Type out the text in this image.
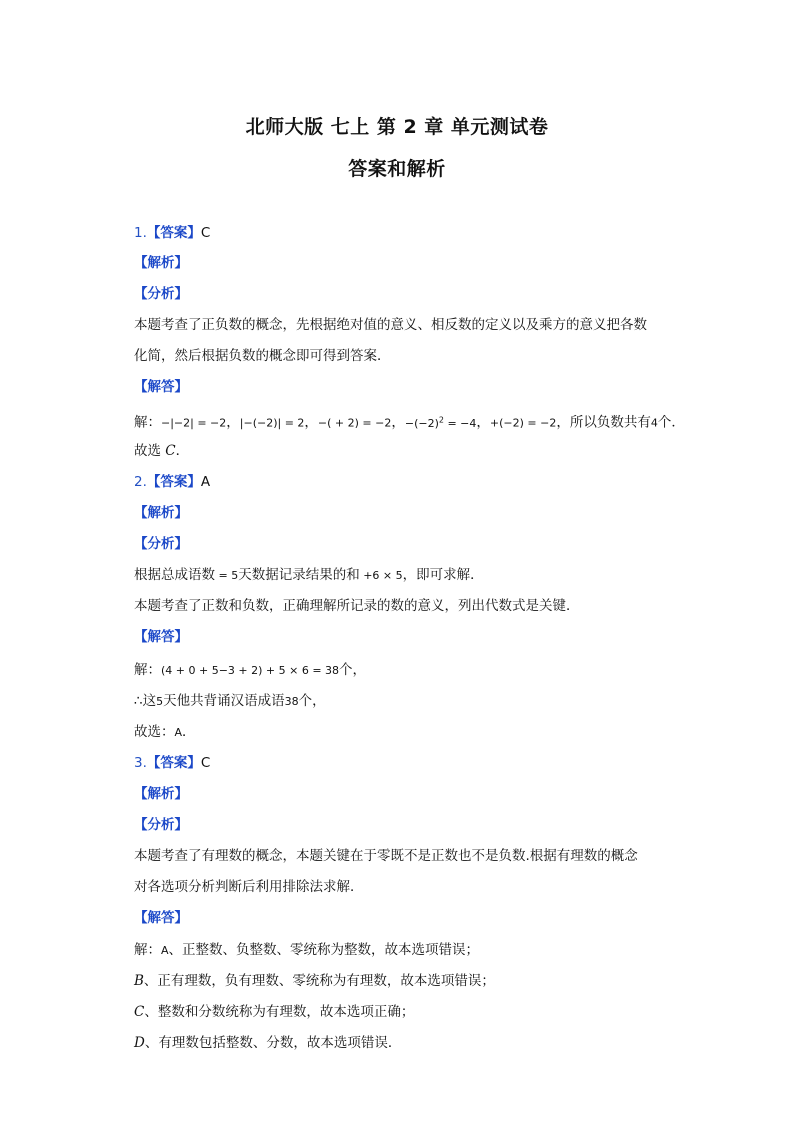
北师大版 七上 第 2 章 单元测试卷
答案和解析
1.【答案】C
【解析】
【分析】
本题考查了正负数的概念，先根据绝对值的意义、相反数的定义以及乘方的意义把各数
化简，然后根据负数的概念即可得到答案．
【解答】
解：−|−2| = −2，|−(−2)| = 2，−( + 2) = −2，$-(-2)^2 = -4$，+(−2) = −2，所以负数共有4个．
故选 C．
2.【答案】A
【解析】
【分析】
根据总成语数 = 5天数据记录结果的和 +6 × 5，即可求解．
本题考查了正数和负数，正确理解所记录的数的意义，列出代数式是关键．
【解答】
解：(4 + 0 + 5−3 + 2) + 5 × 6 = 38个，
∴这5天他共背诵汉语成语38个，
故选：A．
3.【答案】C
【解析】
【分析】
本题考查了有理数的概念，本题关键在于零既不是正数也不是负数.根据有理数的概念
对各选项分析判断后利用排除法求解．
【解答】
解：A、正整数、负整数、零统称为整数，故本选项错误；
B、正有理数，负有理数、零统称为有理数，故本选项错误；
C、整数和分数统称为有理数，故本选项正确；
D、有理数包括整数、分数，故本选项错误．
